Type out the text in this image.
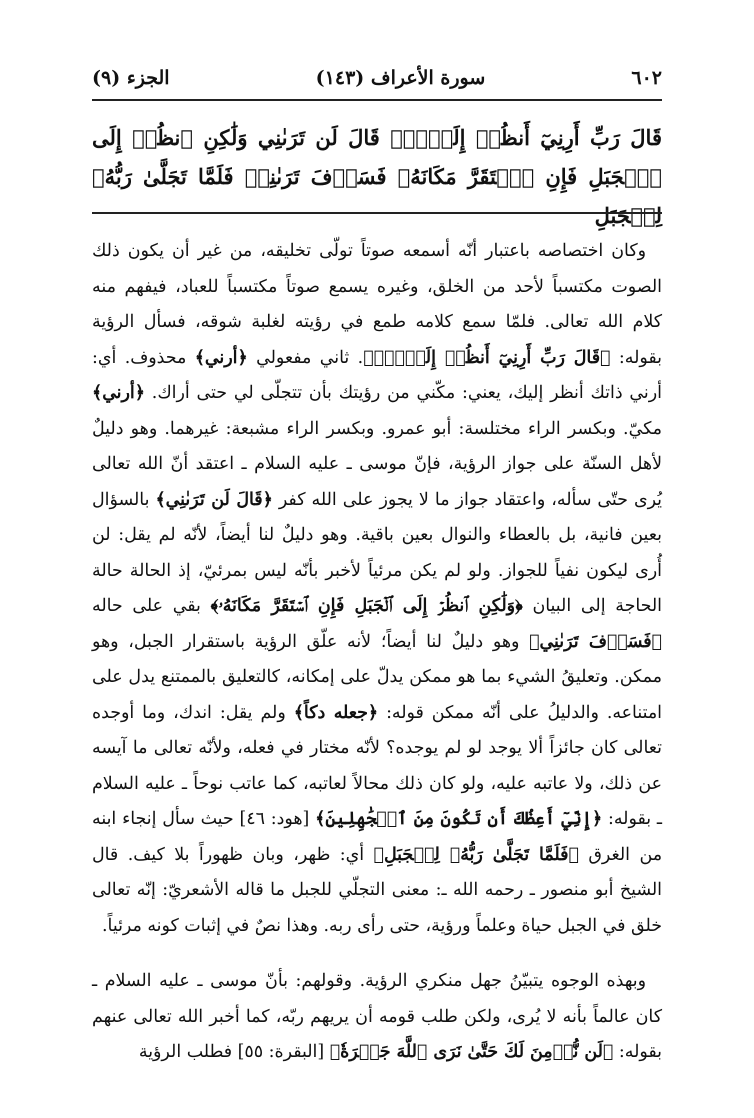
الجزء (٩)	سورة الأعراف (١٤٣)	٦٠٢
قَالَ رَبِّ أَرِنِيٓ أَنظُرۡ إِلَيۡكَۚ قَالَ لَن تَرَىٰنِي وَلَٰكِنِ ٱنظُرۡ إِلَى ٱلۡجَبَلِ فَإِنِ ٱسۡتَقَرَّ مَكَانَهُۥ فَسَوۡفَ تَرَىٰنِيۚ فَلَمَّا تَجَلَّىٰ رَبُّهُۥ لِلۡجَبَلِ

وكان اختصاصه باعتبار أنّه أسمعه صوتاً تولّى تخليقه، من غير أن يكون ذلك الصوت مكتسباً لأحد من الخلق، وغيره يسمع صوتاً مكتسباً للعباد، فيفهم منه كلام الله تعالى. فلمّا سمع كلامه طمع في رؤيته لغلبة شوقه، فسأل الرؤية بقوله: ﴿قَالَ رَبِّ أَرِنِيٓ أَنظُرۡ إِلَيۡكَۚ﴾. ثاني مفعولي ﴿أرني﴾ محذوف. أي: أرني ذاتك أنظر إليك، يعني: مكّني من رؤيتك بأن تتجلّى لي حتى أراك. ﴿أرني﴾ مكيّ. وبكسر الراء مختلسة: أبو عمرو. وبكسر الراء مشبعة: غيرهما. وهو دليلٌ لأهل السنّة على جواز الرؤية، فإنّ موسى ـ عليه السلام ـ اعتقد أنّ الله تعالى يُرى حتّى سأله، واعتقاد جواز ما لا يجوز على الله كفر ﴿قَالَ لَن تَرَىٰنِي﴾ بالسؤال بعين فانية، بل بالعطاء والنوال بعين باقية. وهو دليلٌ لنا أيضاً، لأنّه لم يقل: لن أُرى ليكون نفياً للجواز. ولو لم يكن مرئياً لأخبر بأنّه ليس بمرئيّ، إذ الحالة حالة الحاجة إلى البيان ﴿وَلَٰكِنِ ٱنظُرۡ إِلَى ٱلۡجَبَلِ فَإِنِ ٱسۡتَقَرَّ مَكَانَهُۥ﴾ بقي على حاله ﴿فَسَوۡفَ تَرَىٰنِي﴾ وهو دليلٌ لنا أيضاً؛ لأنه علّق الرؤية باستقرار الجبل، وهو ممكن. وتعليقُ الشيء بما هو ممكن يدلّ على إمكانه، كالتعليق بالممتنع يدل على امتناعه. والدليلُ على أنّه ممكن قوله: ﴿جعله دكاً﴾ ولم يقل: اندك، وما أوجده تعالى كان جائزاً ألا يوجد لو لم يوجده؟ لأنّه مختار في فعله، ولأنّه تعالى ما آيسه عن ذلك، ولا عاتبه عليه، ولو كان ذلك محالاً لعاتبه، كما عاتب نوحاً ـ عليه السلام ـ بقوله: ﴿إِنِّيٓ أَعِظُكَ أَن تَكُونَ مِنَ ٱلۡجَٰهِلِينَ﴾ [هود: ٤٦] حيث سأل إنجاء ابنه من الغرق ﴿فَلَمَّا تَجَلَّىٰ رَبُّهُۥ لِلۡجَبَلِ﴾ أي: ظهر، وبان ظهوراً بلا كيف. قال الشيخ أبو منصور ـ رحمه الله ـ: معنى التجلّي للجبل ما قاله الأشعريّ: إنّه تعالى خلق في الجبل حياة وعلماً ورؤية، حتى رأى ربه. وهذا نصٌ في إثبات كونه مرئياً.

وبهذه الوجوه يتبيّنُ جهل منكري الرؤية. وقولهم: بأنّ موسى ـ عليه السلام ـ كان عالماً بأنه لا يُرى، ولكن طلب قومه أن يريهم ربّه، كما أخبر الله تعالى عنهم بقوله: ﴿لَن نُّؤۡمِنَ لَكَ حَتَّىٰ نَرَى ٱللَّهَ جَهۡرَةٗ﴾ [البقرة: ٥٥] فطلب الرؤية
